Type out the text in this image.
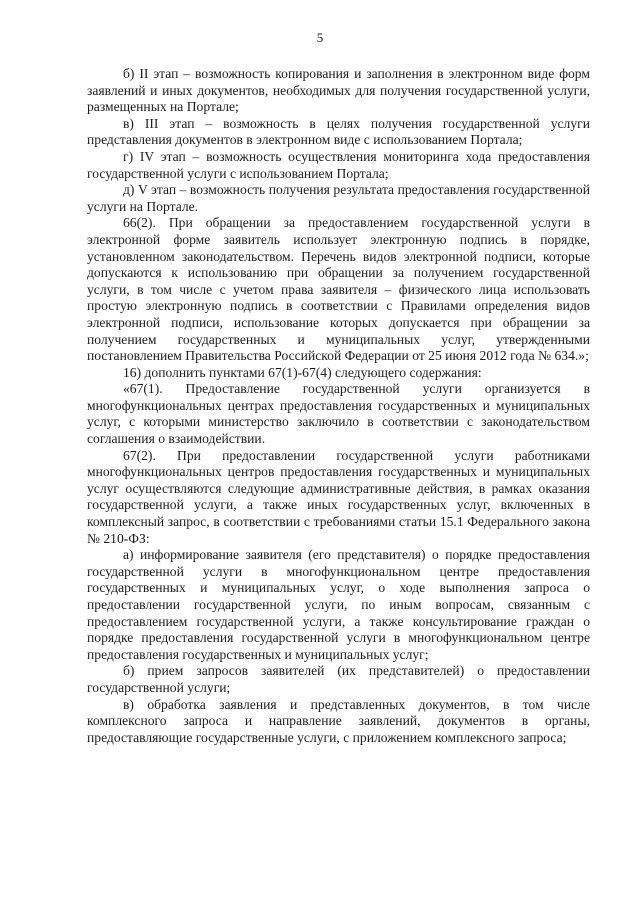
5

б) II этап – возможность копирования и заполнения в электронном виде форм заявлений и иных документов, необходимых для получения государственной услуги, размещенных на Портале;

в) III этап – возможность в целях получения государственной услуги представления документов в электронном виде с использованием Портала;

г) IV этап – возможность осуществления мониторинга хода предоставления государственной услуги с использованием Портала;

д) V этап – возможность получения результата предоставления государственной услуги на Портале.

66(2). При обращении за предоставлением государственной услуги в электронной форме заявитель использует электронную подпись в порядке, установленном законодательством. Перечень видов электронной подписи, которые допускаются к использованию при обращении за получением государственной услуги, в том числе с учетом права заявителя – физического лица использовать простую электронную подпись в соответствии с Правилами определения видов электронной подписи, использование которых допускается при обращении за получением государственных и муниципальных услуг, утвержденными постановлением Правительства Российской Федерации от 25 июня 2012 года № 634.»;

16) дополнить пунктами 67(1)-67(4) следующего содержания:

«67(1). Предоставление государственной услуги организуется в многофункциональных центрах предоставления государственных и муниципальных услуг, с которыми министерство заключило в соответствии с законодательством соглашения о взаимодействии.

67(2). При предоставлении государственной услуги работниками многофункциональных центров предоставления государственных и муниципальных услуг осуществляются следующие административные действия, в рамках оказания государственной услуги, а также иных государственных услуг, включенных в комплексный запрос, в соответствии с требованиями статьи 15.1 Федерального закона № 210-ФЗ:

а) информирование заявителя (его представителя) о порядке предоставления государственной услуги в многофункциональном центре предоставления государственных и муниципальных услуг, о ходе выполнения запроса о предоставлении государственной услуги, по иным вопросам, связанным с предоставлением государственной услуги, а также консультирование граждан о порядке предоставления государственной услуги в многофункциональном центре предоставления государственных и муниципальных услуг;

б) прием запросов заявителей (их представителей) о предоставлении государственной услуги;

в) обработка заявления и представленных документов, в том числе комплексного запроса и направление заявлений, документов в органы, предоставляющие государственные услуги, с приложением комплексного запроса;
